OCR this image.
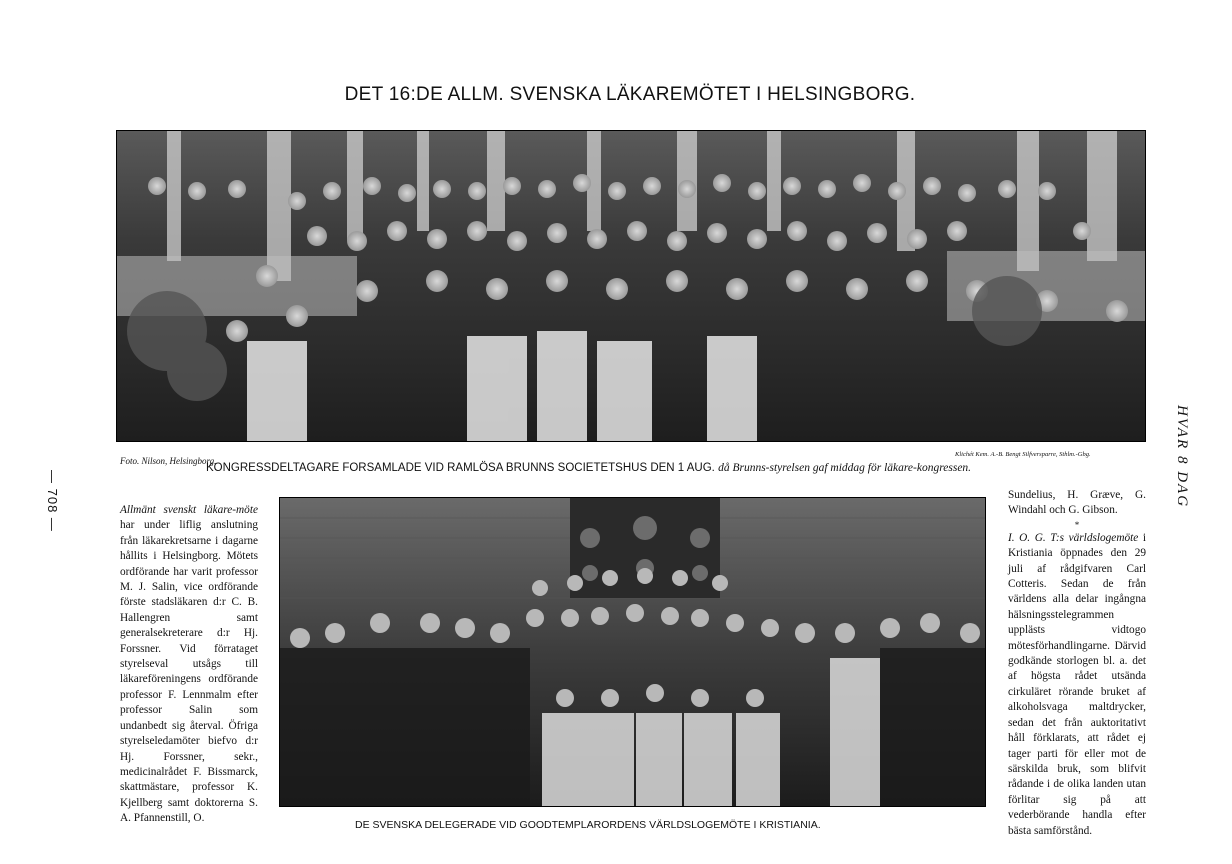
DET 16:DE ALLM. SVENSKA LÄKAREMÖTET I HELSINGBORG.
Foto. Nilson, Helsingborg.
Klichét Kem. A.-B. Bengt Silfversparre, Sthlm.-Gbg.
KONGRESSDELTAGARE FORSAMLADE VID RAMLÖSA BRUNNS SOCIETETSHUS DEN 1 AUG. då Brunns-styrelsen gaf middag för läkare-kongressen.
DE SVENSKA DELEGERADE VID GOODTEMPLARORDENS VÄRLDSLOGEMÖTE I KRISTIANIA.

Allmänt svenskt läkare-möte har under liflig anslutning från läkarekretsarne i dagarne hållits i Helsingborg. Mötets ordförande har varit professor M. J. Salin, vice ordförande förste stadsläkaren d:r C. B. Hallengren samt generalsekreterare d:r Hj. Forssner. Vid förrataget styrelseval utsågs till läkareföreningens ordförande professor F. Lennmalm efter professor Salin som undanbedt sig återval. Öfriga styrelseledamöter biefvo d:r Hj. Forssner, sekr., medicinalrådet F. Bissmarck, skattmästare, professor K. Kjellberg samt doktorerna S. A. Pfannenstill, O.

Sundelius, H. Græve, G. Windahl och G. Gibson.

*

I. O. G. T:s världslogemöte i Kristiania öppnades den 29 juli af rådgifvaren Carl Cotteris. Sedan de från världens alla delar ingångna hälsningsstelegrammen upplästs vidtogo mötesförhandlingarne. Därvid godkände storlogen bl. a. det af högsta rådet utsända cirkuläret rörande bruket af alkoholsvaga maltdrycker, sedan det från auktoritativt håll förklarats, att rådet ej tager parti för eller mot de särskilda bruk, som blifvit rådande i de olika landen utan förlitar sig på att vederbörande handla efter bästa samförstånd.

— 708 —	HVAR 8 DAG
